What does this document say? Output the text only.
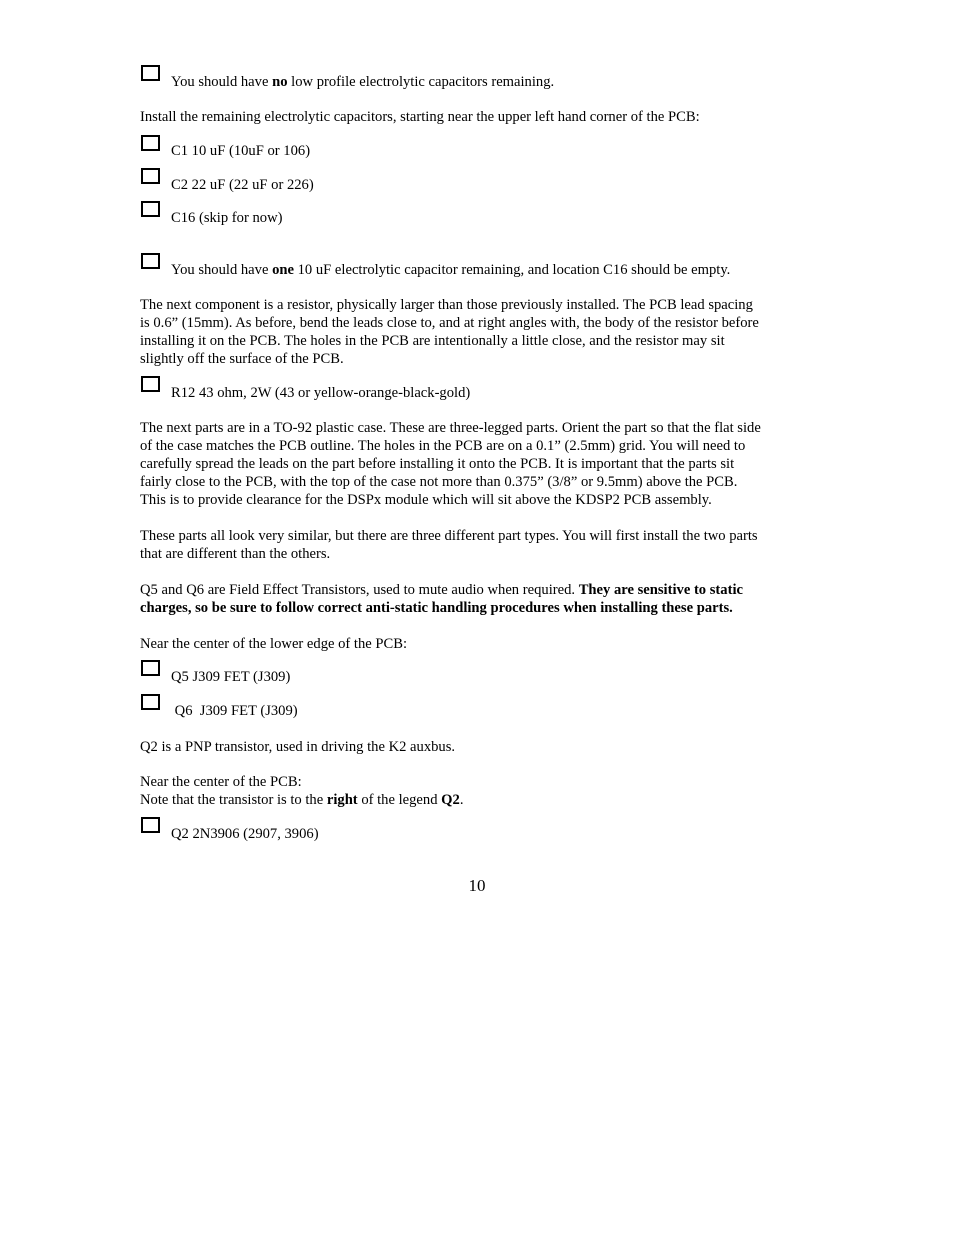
You should have no low profile electrolytic capacitors remaining.
Install the remaining electrolytic capacitors, starting near the upper left hand corner of the PCB:
C1 10 uF (10uF or 106)
C2 22 uF (22 uF or 226)
C16 (skip for now)
You should have one 10 uF electrolytic capacitor remaining, and location C16 should be empty.
The next component is a resistor, physically larger than those previously installed. The PCB lead spacing
is 0.6” (15mm). As before, bend the leads close to, and at right angles with, the body of the resistor before
installing it on the PCB. The holes in the PCB are intentionally a little close, and the resistor may sit
slightly off the surface of the PCB.
R12 43 ohm, 2W (43 or yellow-orange-black-gold)
The next parts are in a TO-92 plastic case. These are three-legged parts. Orient the part so that the flat side
of the case matches the PCB outline. The holes in the PCB are on a 0.1” (2.5mm) grid. You will need to
carefully spread the leads on the part before installing it onto the PCB. It is important that the parts sit
fairly close to the PCB, with the top of the case not more than 0.375” (3/8” or 9.5mm) above the PCB.
This is to provide clearance for the DSPx module which will sit above the KDSP2 PCB assembly.
These parts all look very similar, but there are three different part types. You will first install the two parts
that are different than the others.
Q5 and Q6 are Field Effect Transistors, used to mute audio when required. They are sensitive to static
charges, so be sure to follow correct anti-static handling procedures when installing these parts.
Near the center of the lower edge of the PCB:
Q5 J309 FET (J309)
Q6  J309 FET (J309)
Q2 is a PNP transistor, used in driving the K2 auxbus.
Near the center of the PCB:
Note that the transistor is to the right of the legend Q2.
Q2 2N3906 (2907, 3906)
10
